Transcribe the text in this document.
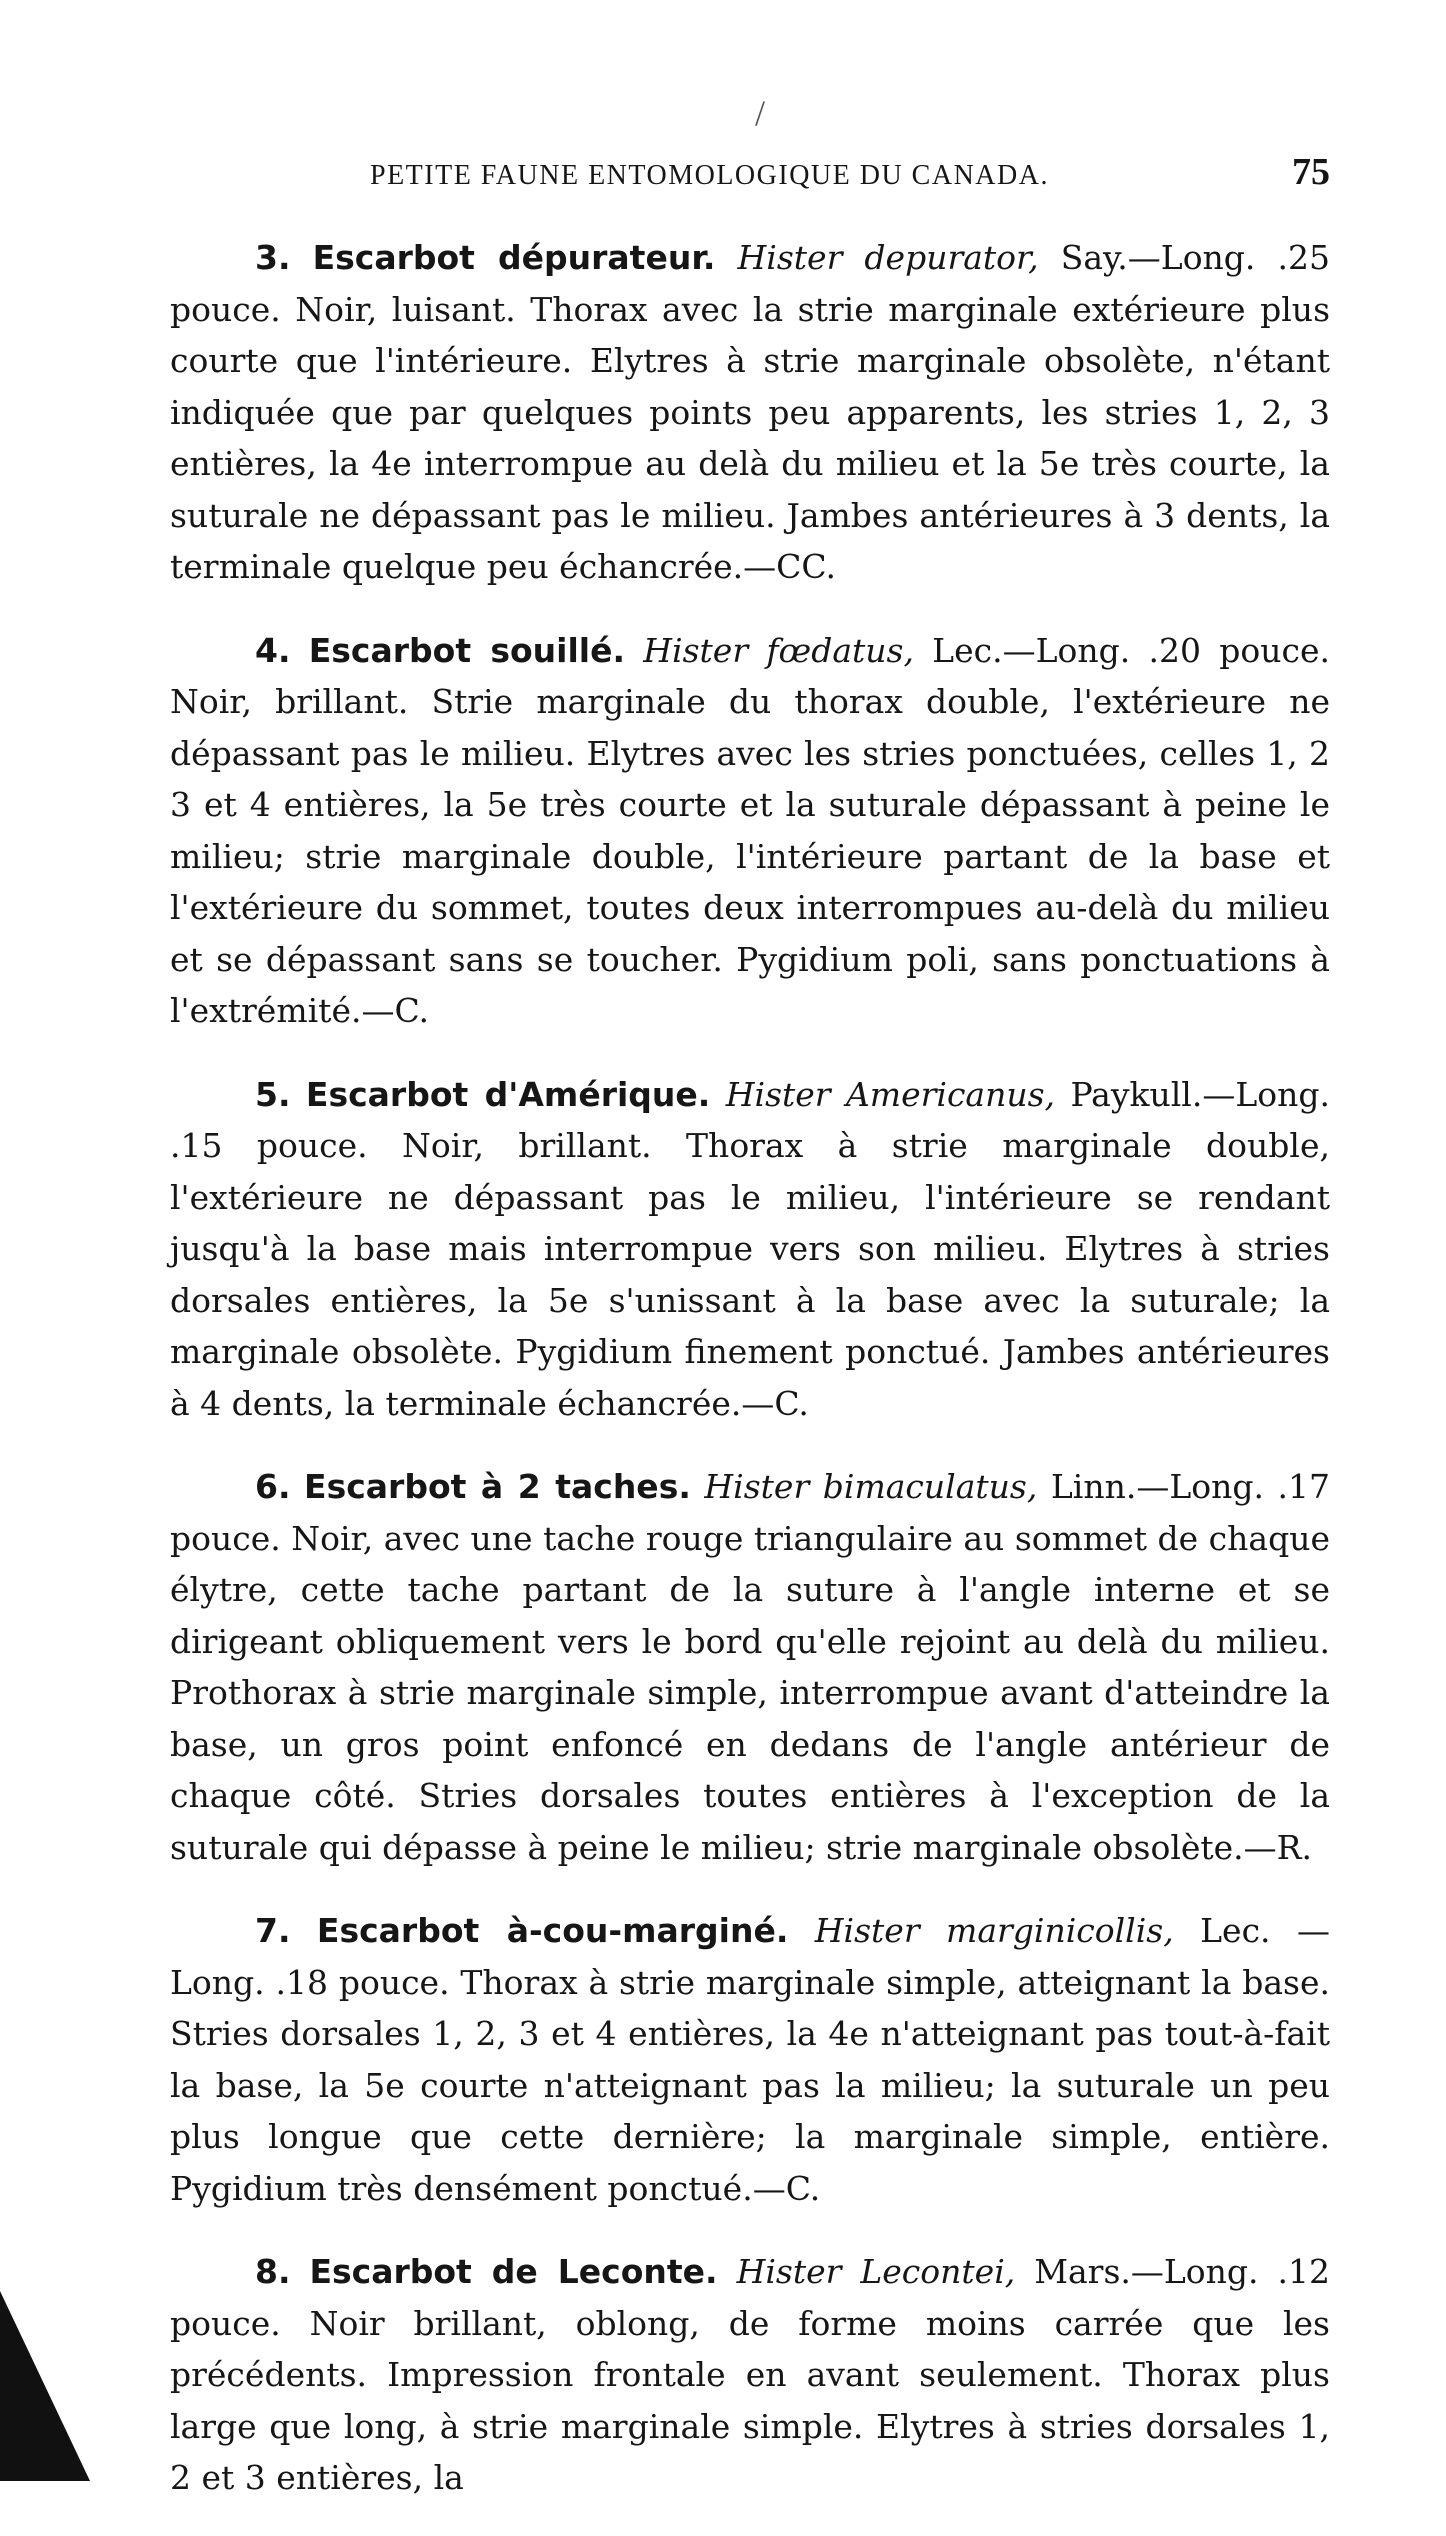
/
PETITE FAUNE ENTOMOLOGIQUE DU CANADA.	75

3. Escarbot dépurateur. Hister depurator, Say.—Long. .25 pouce. Noir, luisant. Thorax avec la strie marginale extérieure plus courte que l'intérieure. Elytres à strie marginale obsolète, n'étant indiquée que par quelques points peu apparents, les stries 1, 2, 3 entières, la 4e interrompue au delà du milieu et la 5e très courte, la suturale ne dépassant pas le milieu. Jambes antérieures à 3 dents, la terminale quelque peu échancrée.—CC.

4. Escarbot souillé. Hister fœdatus, Lec.—Long. .20 pouce. Noir, brillant. Strie marginale du thorax double, l'extérieure ne dépassant pas le milieu. Elytres avec les stries ponctuées, celles 1, 2 3 et 4 entières, la 5e très courte et la suturale dépassant à peine le milieu; strie marginale double, l'intérieure partant de la base et l'extérieure du sommet, toutes deux interrompues au-delà du milieu et se dépassant sans se toucher. Pygidium poli, sans ponctuations à l'extrémité.—C.

5. Escarbot d'Amérique. Hister Americanus, Paykull.—Long. .15 pouce. Noir, brillant. Thorax à strie marginale double, l'extérieure ne dépassant pas le milieu, l'intérieure se rendant jusqu'à la base mais interrompue vers son milieu. Elytres à stries dorsales entières, la 5e s'unissant à la base avec la suturale; la marginale obsolète. Pygidium finement ponctué. Jambes antérieures à 4 dents, la terminale échancrée.—C.

6. Escarbot à 2 taches. Hister bimaculatus, Linn.—Long. .17 pouce. Noir, avec une tache rouge triangulaire au sommet de chaque élytre, cette tache partant de la suture à l'angle interne et se dirigeant obliquement vers le bord qu'elle rejoint au delà du milieu. Prothorax à strie marginale simple, interrompue avant d'atteindre la base, un gros point enfoncé en dedans de l'angle antérieur de chaque côté. Stries dorsales toutes entières à l'exception de la suturale qui dépasse à peine le milieu; strie marginale obsolète.—R.

7. Escarbot à-cou-marginé. Hister marginicollis, Lec. — Long. .18 pouce. Thorax à strie marginale simple, atteignant la base. Stries dorsales 1, 2, 3 et 4 entières, la 4e n'atteignant pas tout-à-fait la base, la 5e courte n'atteignant pas la milieu; la suturale un peu plus longue que cette dernière; la marginale simple, entière. Pygidium très densément ponctué.—C.

8. Escarbot de Leconte. Hister Lecontei, Mars.—Long. .12 pouce. Noir brillant, oblong, de forme moins carrée que les précédents. Impression frontale en avant seulement. Thorax plus large que long, à strie marginale simple. Elytres à stries dorsales 1, 2 et 3 entières, la
